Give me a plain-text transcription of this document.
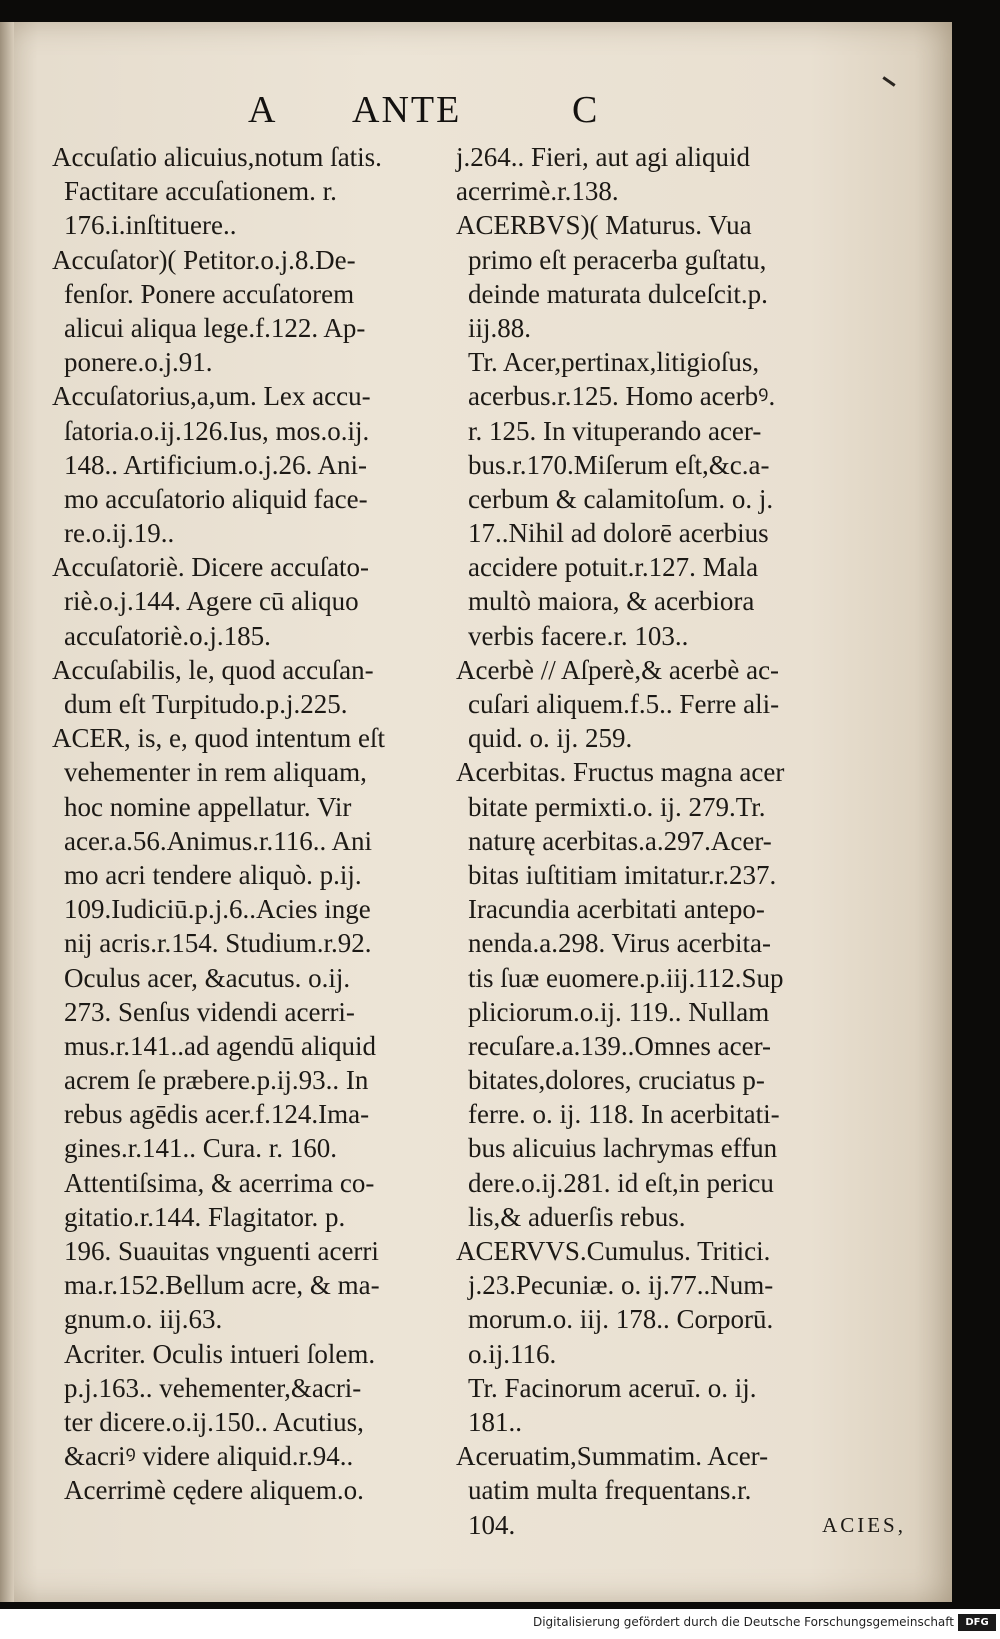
A ANTE	C
Accuſatio alicuius,notum ſatis.
Factitare accuſationem. r.
176.i.inſtituere..
Accuſator)( Petitor.o.j.8.De-
fenſor. Ponere accuſatorem
alicui aliqua lege.f.122. Ap-
ponere.o.j.91.
Accuſatorius,a,um. Lex accu-
ſatoria.o.ij.126.Ius, mos.o.ij.
148.. Artificium.o.j.26. Ani-
mo accuſatorio aliquid face-
re.o.ij.19..
Accuſatoriè. Dicere accuſato-
riè.o.j.144. Agere cū aliquo
accuſatoriè.o.j.185.
Accuſabilis, le, quod accuſan-
dum eſt Turpitudo.p.j.225.
ACER, is, e, quod intentum eſt
vehementer in rem aliquam,
hoc nomine appellatur. Vir
acer.a.56.Animus.r.116.. Ani
mo acri tendere aliquò. p.ij.
109.Iudiciū.p.j.6..Acies inge
nij acris.r.154. Studium.r.92.
Oculus acer, &acutus. o.ij.
273. Senſus videndi acerri-
mus.r.141..ad agendū aliquid
acrem ſe præbere.p.ij.93.. In
rebus agēdis acer.f.124.Ima-
gines.r.141.. Cura. r. 160.
Attentiſsima, & acerrima co-
gitatio.r.144. Flagitator. p.
196. Suauitas vnguenti acerri
ma.r.152.Bellum acre, & ma-
gnum.o. iij.63.
Acriter. Oculis intueri ſolem.
p.j.163.. vehementer,&acri-
ter dicere.o.ij.150.. Acutius,
&acriꝰ videre aliquid.r.94..
Acerrimè cędere aliquem.o.
j.264.. Fieri, aut agi aliquid
acerrimè.r.138.
ACERBVS)( Maturus. Vua
primo eſt peracerba guſtatu,
deinde maturata dulceſcit.p.
iij.88.
Tr. Acer,pertinax,litigioſus,
acerbus.r.125. Homo acerbꝰ.
r. 125. In vituperando acer-
bus.r.170.Miſerum eſt,&c.a-
cerbum & calamitoſum. o. j.
17..Nihil ad dolorē acerbius
accidere potuit.r.127. Mala
multò maiora, & acerbiora
verbis facere.r. 103..
Acerbè // Aſperè,& acerbè ac-
cuſari aliquem.f.5.. Ferre ali-
quid. o. ij. 259.
Acerbitas. Fructus magna acer
bitate permixti.o. ij. 279.Tr.
naturę acerbitas.a.297.Acer-
bitas iuſtitiam imitatur.r.237.
Iracundia acerbitati antepo-
nenda.a.298. Virus acerbita-
tis ſuæ euomere.p.iij.112.Sup
pliciorum.o.ij. 119.. Nullam
recuſare.a.139..Omnes acer-
bitates,dolores, cruciatus p-
ferre. o. ij. 118. In acerbitati-
bus alicuius lachrymas effun
dere.o.ij.281. id eſt,in pericu
lis,& aduerſis rebus.
ACERVVS.Cumulus. Tritici.
j.23.Pecuniæ. o. ij.77..Num-
morum.o. iij. 178.. Corporū.
o.ij.116.
Tr. Facinorum aceruī. o. ij.
181..
Aceruatim,Summatim. Acer-
uatim multa frequentans.r.
104.	ACIES,
Digitalisierung gefördert durch die Deutsche Forschungsgemeinschaft	DFG
